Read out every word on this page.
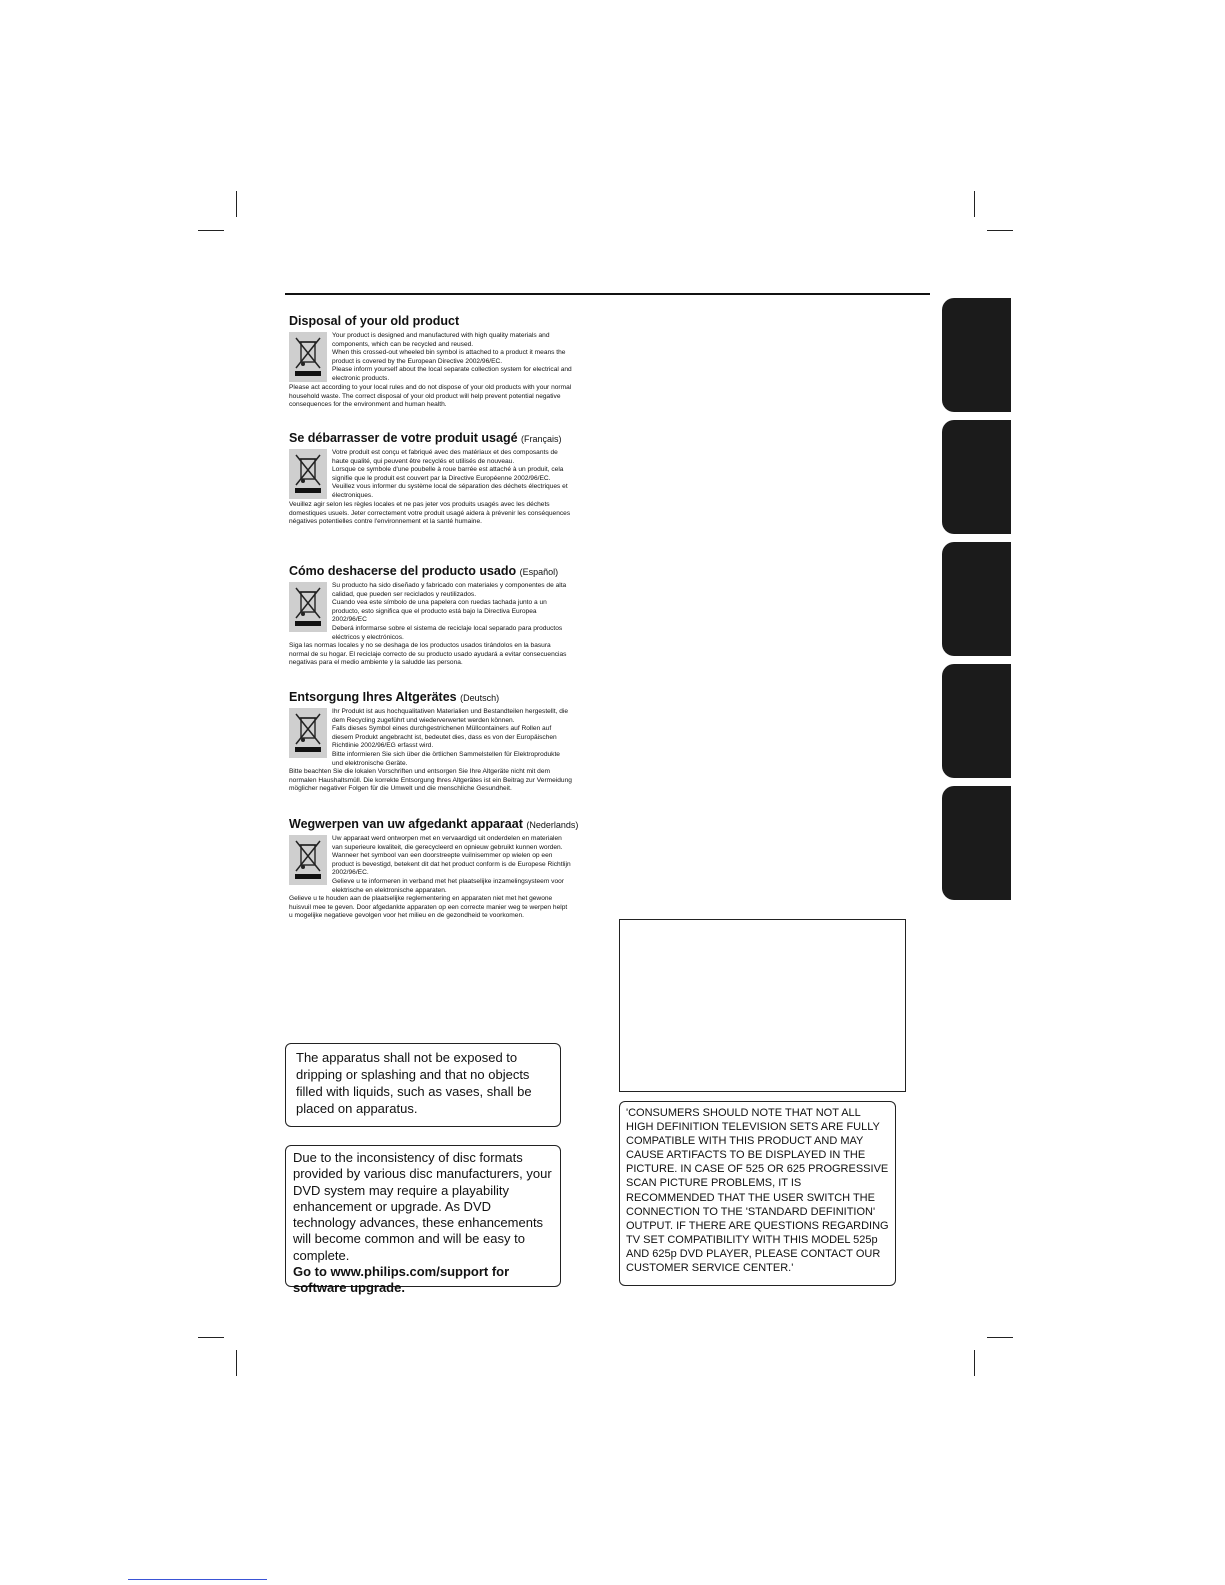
Disposal of your old product

Your product is designed and manufactured with high quality materials and components, which can be recycled and reused.

When this crossed-out wheeled bin symbol is attached to a product it means the product is covered by the European Directive 2002/96/EC.

Please inform yourself about the local separate collection system for electrical and electronic products.

Please act according to your local rules and do not dispose of your old products with your normal household waste. The correct disposal of your old product will help prevent potential negative consequences for the environment and human health.

Se débarrasser de votre produit usagé (Français)

Votre produit est conçu et fabriqué avec des matériaux et des composants de haute qualité, qui peuvent être recyclés et utilisés de nouveau.

Lorsque ce symbole d'une poubelle à roue barrée est attaché à un produit, cela signifie que le produit est couvert par la Directive Européenne 2002/96/EC.

Veuillez vous informer du système local de séparation des déchets électriques et électroniques.

Veuillez agir selon les règles locales et ne pas jeter vos produits usagés avec les déchets domestiques usuels. Jeter correctement votre produit usagé aidera à prévenir les conséquences négatives potentielles contre l'environnement et la santé humaine.

Cómo deshacerse del producto usado (Español)

Su producto ha sido diseñado y fabricado con materiales y componentes de alta calidad, que pueden ser reciclados y reutilizados.

Cuando vea este símbolo de una papelera con ruedas tachada junto a un producto, esto significa que el producto está bajo la Directiva Europea 2002/96/EC

Deberá informarse sobre el sistema de reciclaje local separado para productos eléctricos y electrónicos.

Siga las normas locales y no se deshaga de los productos usados tirándolos en la basura normal de su hogar. El reciclaje correcto de su producto usado ayudará a evitar consecuencias negativas para el medio ambiente y la saludde las persona.

Entsorgung Ihres Altgerätes (Deutsch)

Ihr Produkt ist aus hochqualitativen Materialien und Bestandteilen hergestellt, die dem Recycling zugeführt und wiederverwertet werden können.

Falls dieses Symbol eines durchgestrichenen Müllcontainers auf Rollen auf diesem Produkt angebracht ist, bedeutet dies, dass es von der Europäischen Richtlinie 2002/96/EG erfasst wird.

Bitte informieren Sie sich über die örtlichen Sammelstellen für Elektroprodukte und elektronische Geräte.

Bitte beachten Sie die lokalen Vorschriften und entsorgen Sie Ihre Altgeräte nicht mit dem normalen Haushaltsmüll. Die korrekte Entsorgung Ihres Altgerätes ist ein Beitrag zur Vermeidung möglicher negativer Folgen für die Umwelt und die menschliche Gesundheit.

Wegwerpen van uw afgedankt apparaat (Nederlands)

Uw apparaat werd ontworpen met en vervaardigd uit onderdelen en materialen van superieure kwaliteit, die gerecycleerd en opnieuw gebruikt kunnen worden.

Wanneer het symbool van een doorstreepte vuilnisemmer op wielen op een product is bevestigd, betekent dit dat het product conform is de Europese Richtlijn 2002/96/EC.

Gelieve u te informeren in verband met het plaatselijke inzamelingsysteem voor elektrische en elektronische apparaten.

Gelieve u te houden aan de plaatselijke reglementering en apparaten niet met het gewone huisvuil mee te geven. Door afgedankte apparaten op een correcte manier weg te werpen helpt u mogelijke negatieve gevolgen voor het milieu en de gezondheid te voorkomen.

The apparatus shall not be exposed to dripping or splashing and that no objects filled with liquids, such as vases, shall be placed on apparatus.
Due to the inconsistency of disc formats provided by various disc manufacturers, your DVD system may require a playability enhancement or upgrade. As DVD technology advances, these enhancements will become common and will be easy to complete.
Go to www.philips.com/support for software upgrade.
'CONSUMERS SHOULD NOTE THAT NOT ALL HIGH DEFINITION TELEVISION SETS ARE FULLY COMPATIBLE WITH THIS PRODUCT AND MAY CAUSE ARTIFACTS TO BE DISPLAYED IN THE PICTURE. IN CASE OF 525 OR 625 PROGRESSIVE SCAN PICTURE PROBLEMS, IT IS RECOMMENDED THAT THE USER SWITCH THE CONNECTION TO THE 'STANDARD DEFINITION' OUTPUT. IF THERE ARE QUESTIONS REGARDING TV SET COMPATIBILITY WITH THIS MODEL 525p AND 625p DVD PLAYER, PLEASE CONTACT OUR CUSTOMER SERVICE CENTER.'
